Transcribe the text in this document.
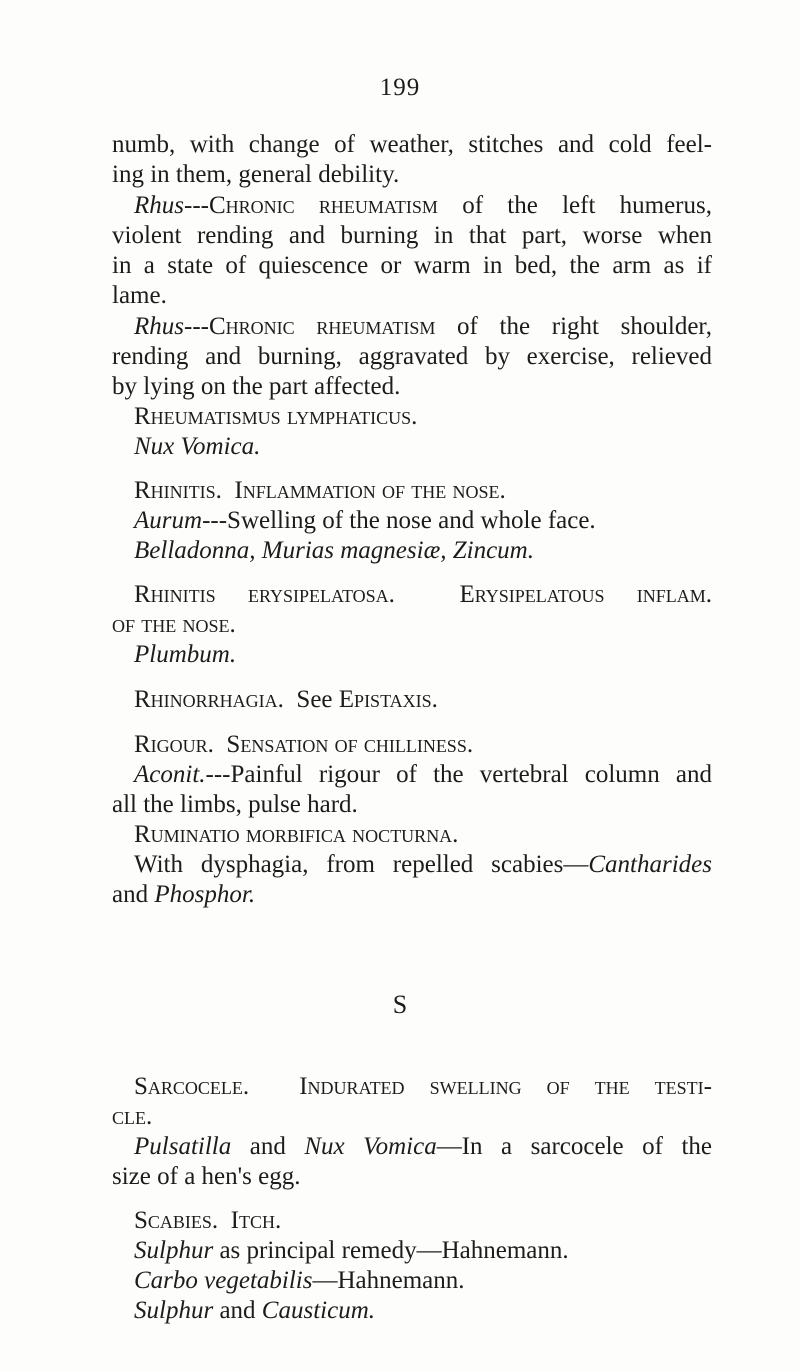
199
numb, with change of weather, stitches and cold feel-
ing in them, general debility.
Rhus---Chronic rheumatism of the left humerus,
violent rending and burning in that part, worse when
in a state of quiescence or warm in bed, the arm as if
lame.
Rhus---Chronic rheumatism of the right shoulder,
rending and burning, aggravated by exercise, relieved
by lying on the part affected.
Rheumatismus lymphaticus.
Nux Vomica.
Rhinitis. Inflammation of the nose.
Aurum---Swelling of the nose and whole face.
Belladonna, Murias magnesiæ, Zincum.
Rhinitis erysipelatosa.	Erysipelatous inflam.
of the nose.
Plumbum.
Rhinorrhagia. See Epistaxis.
Rigour. Sensation of chilliness.
Aconit.---Painful rigour of the vertebral column and
all the limbs, pulse hard.
Ruminatio morbifica nocturna.
With dysphagia, from repelled scabies—Cantharides
and Phosphor.
S
Sarcocele. Indurated swelling of the testi-
cle.
Pulsatilla and Nux Vomica—In a sarcocele of the
size of a hen's egg.
Scabies. Itch.
Sulphur as principal remedy—Hahnemann.
Carbo vegetabilis—Hahnemann.
Sulphur and Causticum.
